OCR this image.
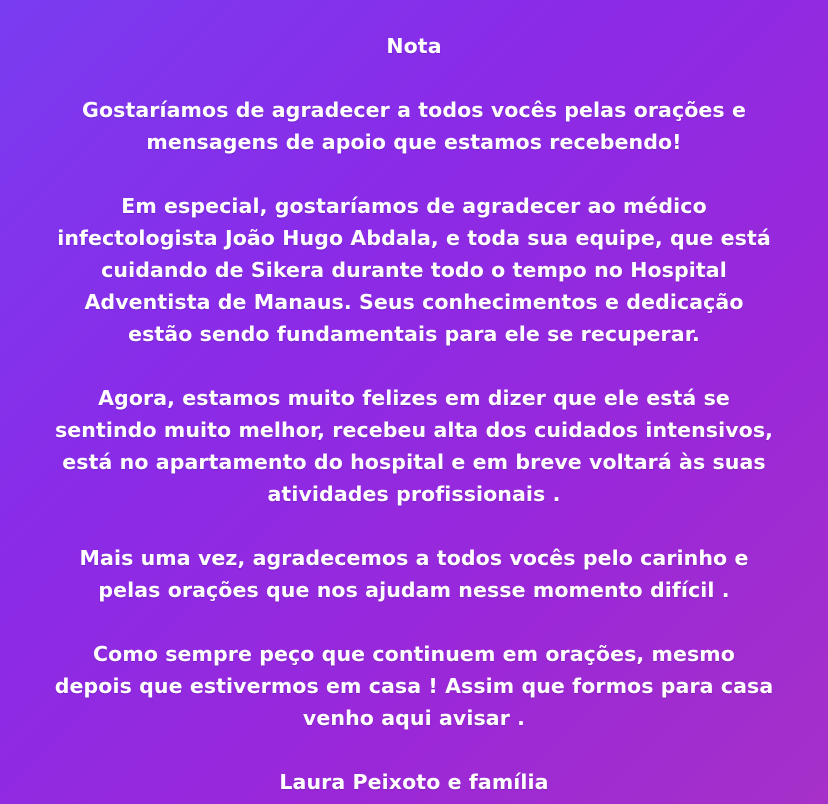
Nota
Gostaríamos de agradecer a todos vocês pelas orações e
mensagens de apoio que estamos recebendo!
Em especial, gostaríamos de agradecer ao médico
infectologista João Hugo Abdala, e toda sua equipe, que está
cuidando de Sikera durante todo o tempo no Hospital
Adventista de Manaus. Seus conhecimentos e dedicação
estão sendo fundamentais para ele se recuperar.
Agora, estamos muito felizes em dizer que ele está se
sentindo muito melhor, recebeu alta dos cuidados intensivos,
está no apartamento do hospital e em breve voltará às suas
atividades profissionais .
Mais uma vez, agradecemos a todos vocês pelo carinho e
pelas orações que nos ajudam nesse momento difícil .
Como sempre peço que continuem em orações, mesmo
depois que estivermos em casa ! Assim que formos para casa
venho aqui avisar .
Laura Peixoto e família
